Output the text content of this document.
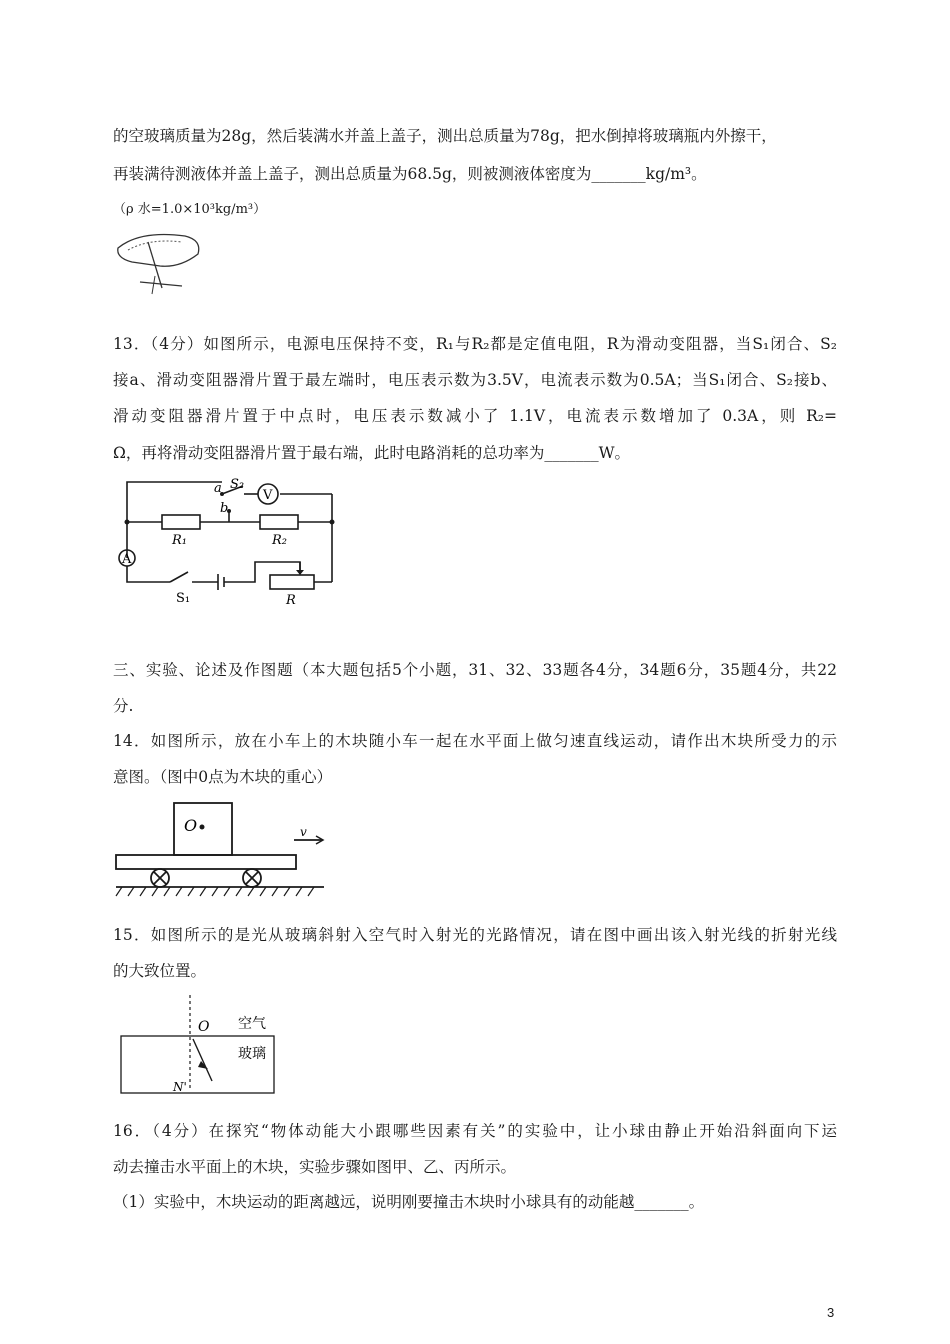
的空玻璃质量为28g，然后装满水并盖上盖子，测出总质量为78g，把水倒掉将玻璃瓶内外擦干，
再装满待测液体并盖上盖子，测出总质量为68.5g，则被测液体密度为_______kg/m³。
（ρ 水=1.0×10³kg/m³）
13．（4分）如图所示，电源电压保持不变，R₁与R₂都是定值电阻，R为滑动变阻器，当S₁闭合、S₂
接a、滑动变阻器滑片置于最左端时，电压表示数为3.5V，电流表示数为0.5A；当S₁闭合、S₂接b、
滑动变阻器滑片置于中点时，电压表示数减小了 1.1V，电流表示数增加了 0.3A，则 R₂=
Ω，再将滑动变阻器滑片置于最右端，此时电路消耗的总功率为_______W。
a S₂
b
V
A
R₁	R₂
S₁	R
三、实验、论述及作图题（本大题包括5个小题，31、32、33题各4分，34题6分，35题4分，共22
分.
14．如图所示，放在小车上的木块随小车一起在水平面上做匀速直线运动，请作出木块所受力的示
意图。（图中0点为木块的重心）
O	v
15．如图所示的是光从玻璃斜射入空气时入射光的光路情况，请在图中画出该入射光线的折射光线
的大致位置。
O 空气
玻璃
N'
16．（4分）在探究“物体动能大小跟哪些因素有关”的实验中，让小球由静止开始沿斜面向下运
动去撞击水平面上的木块，实验步骤如图甲、乙、丙所示。
（1）实验中，木块运动的距离越远，说明刚要撞击木块时小球具有的动能越_______。
3
